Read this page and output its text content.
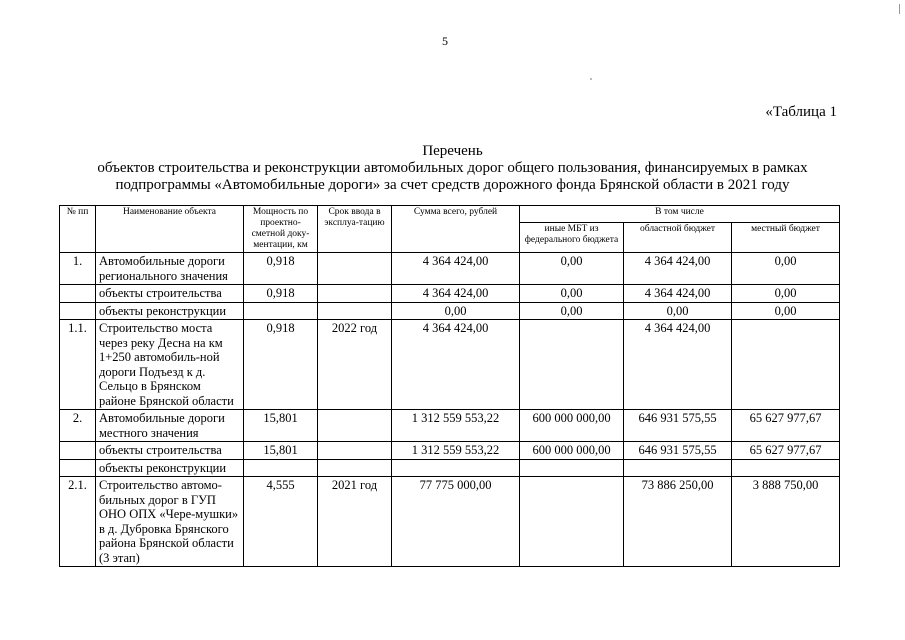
5
«Таблица 1
Перечень
объектов строительства и реконструкции автомобильных дорог общего пользования, финансируемых в рамках
подпрограммы «Автомобильные дороги» за счет средств дорожного фонда Брянской области в 2021 году
№ пп	Наименование объекта	Мощность по проектно-сметной доку-ментации, км	Срок ввода в эксплуа-тацию	Сумма всего, рублей	В том числе		
					иные МБТ из федерального бюджета	областной бюджет	местный бюджет
1.	Автомобильные дороги регионального значения	0,918		4 364 424,00	0,00	4 364 424,00	0,00
	объекты строительства	0,918		4 364 424,00	0,00	4 364 424,00	0,00
	объекты реконструкции			0,00	0,00	0,00	0,00
1.1.	Строительство моста через реку Десна на км 1+250 автомобиль-ной дороги Подъезд к д. Сельцо в Брянском районе Брянской области	0,918	2022 год	4 364 424,00		4 364 424,00	
2.	Автомобильные дороги местного значения	15,801		1 312 559 553,22	600 000 000,00	646 931 575,55	65 627 977,67
	объекты строительства	15,801		1 312 559 553,22	600 000 000,00	646 931 575,55	65 627 977,67
	объекты реконструкции						
2.1.	Строительство автомо-бильных дорог в ГУП ОНО ОПХ «Чере-мушки» в д. Дубровка Брянского района Брянской области (3 этап)	4,555	2021 год	77 775 000,00		73 886 250,00	3 888 750,00
